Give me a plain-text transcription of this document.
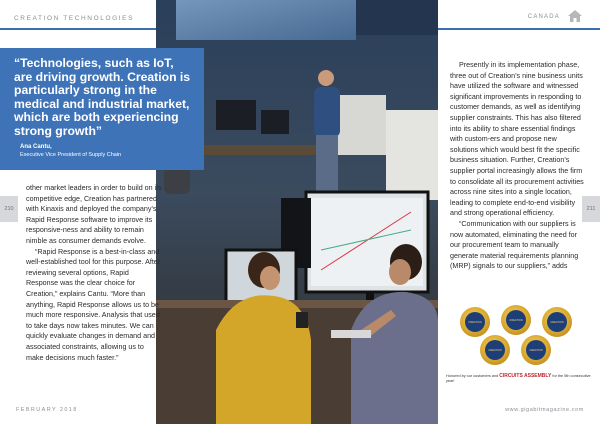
CREATION TECHNOLOGIES	CANADA
210	211
“Technologies, such as IoT, are driving growth. Creation is particularly strong in the medical and industrial market, which are both experiencing strong growth”
Ana Cantu,
Executive Vice President of Supply Chain

other market leaders in order to build on its competitive edge, Creation has partnered with Kinaxis and deployed the company’s Rapid Response software to improve its responsive-ness and ability to remain nimble as consumer demands evolve.

“Rapid Response is a best-in-class and well-established tool for this purpose. After reviewing several options, Rapid Response was the clear choice for Creation,” explains Cantu. “More than anything, Rapid Response allows us to be much more responsive. Analysis that used to take days now takes minutes. We can quickly evaluate changes in demand and associated constraints, allowing us to make decisions much faster.”

Presently in its implementation phase, three out of Creation’s nine business units have utilized the software and witnessed significant improvements in responding to customer demands, as well as identifying supplier constraints. This has also filtered into its ability to share essential findings with custom-ers and propose new solutions which would best fit the specific business situation. Further, Creation’s supplier portal increasingly allows the firm to consolidate all its procurement activities across nine sites into a single location, leading to complete end-to-end visibility and strong operational efficiency.

“Communication with our suppliers is now automated, eliminating the need for our procurement team to manually generate material requirements planning (MRP) signals to our suppliers,” adds

CREATION
CREATION
CREATION
CREATION	CREATION
Honored by our customers and CIRCUITS ASSEMBLY for the 5th consecutive year!
FEBRUARY 2018	www.gigabitmagazine.com
